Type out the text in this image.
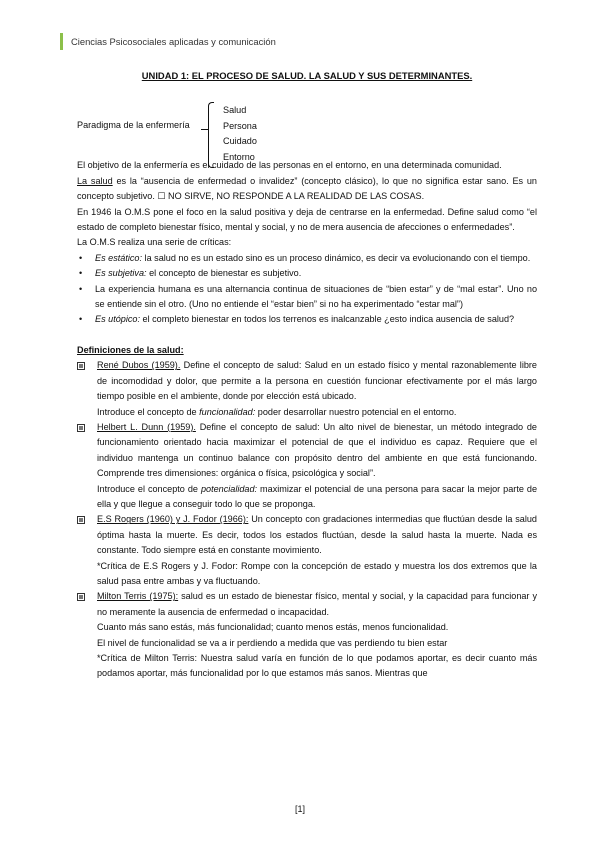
Ciencias Psicosociales aplicadas y comunicación
UNIDAD 1: EL PROCESO DE SALUD. LA SALUD Y SUS DETERMINANTES.
Paradigma de la enfermería
Salud
Persona
Cuidado
Entorno

El objetivo de la enfermería es el cuidado de las personas en el entorno, en una determinada comunidad.

La salud es la “ausencia de enfermedad o invalidez” (concepto clásico), lo que no significa estar sano. Es un concepto subjetivo. ☐ NO SIRVE, NO RESPONDE A LA REALIDAD DE LAS COSAS.

En 1946 la O.M.S pone el foco en la salud positiva y deja de centrarse en la enfermedad. Define salud como “el estado de completo bienestar físico, mental y social, y no de mera ausencia de afecciones o enfermedades”.

La O.M.S realiza una serie de críticas:

• Es estático: la salud no es un estado sino es un proceso dinámico, es decir va evolucionando con el tiempo.
• Es subjetiva: el concepto de bienestar es subjetivo.
• La experiencia humana es una alternancia continua de situaciones de “bien estar” y de “mal estar”. Uno no se entiende sin el otro. (Uno no entiende el “estar bien” si no ha experimentado “estar mal”)
• Es utópico: el completo bienestar en todos los terrenos es inalcanzable ¿esto indica ausencia de salud?

Definiciones de la salud:

René Dubos (1959). Define el concepto de salud: Salud en un estado físico y mental razonablemente libre de incomodidad y dolor, que permite a la persona en cuestión funcionar efectivamente por el más largo tiempo posible en el ambiente, donde por elección está ubicado.

Introduce el concepto de funcionalidad: poder desarrollar nuestro potencial en el entorno.

Helbert L. Dunn (1959). Define el concepto de salud: Un alto nivel de bienestar, un método integrado de funcionamiento orientado hacia maximizar el potencial de que el individuo es capaz. Requiere que el individuo mantenga un continuo balance con propósito dentro del ambiente en que está funcionando. Comprende tres dimensiones: orgánica o física, psicológica y social”.

Introduce el concepto de potencialidad: maximizar el potencial de una persona para sacar la mejor parte de ella y que llegue a conseguir todo lo que se proponga.

E.S Rogers (1960) y J. Fodor (1966): Un concepto con gradaciones intermedias que fluctúan desde la salud óptima hasta la muerte. Es decir, todos los estados fluctúan, desde la salud hasta la muerte. Nada es constante. Todo siempre está en constante movimiento.

*Crítica de E.S Rogers y J. Fodor: Rompe con la concepción de estado y muestra los dos extremos que la salud pasa entre ambas y va fluctuando.

Milton Terris (1975): salud es un estado de bienestar físico, mental y social, y la capacidad para funcionar y no meramente la ausencia de enfermedad o incapacidad.

Cuanto más sano estás, más funcionalidad; cuanto menos estás, menos funcionalidad.

El nivel de funcionalidad se va a ir perdiendo a medida que vas perdiendo tu bien estar

*Crítica de Milton Terris: Nuestra salud varía en función de lo que podamos aportar, es decir cuanto más podamos aportar, más funcionalidad por lo que estamos más sanos. Mientras que

[1]
